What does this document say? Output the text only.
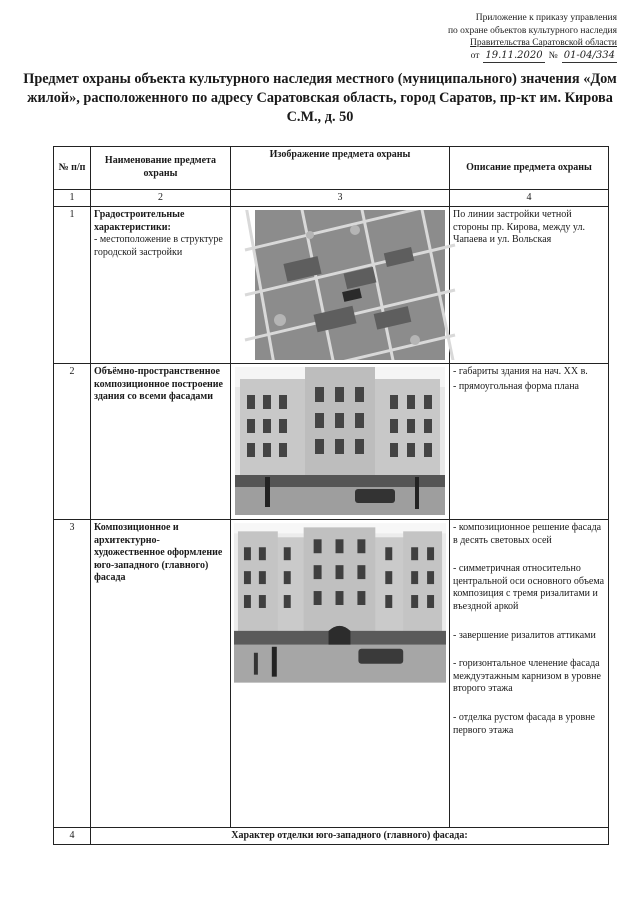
Приложение к приказу управления
по охране объектов культурного наследия
Правительства Саратовской области
от 19.11.2020 № 01-04/334
Предмет охраны объекта культурного наследия местного (муниципального) значения «Дом жилой», расположенного по адресу Саратовская область, город Саратов, пр-кт им. Кирова С.М., д. 50
№ п/п	Наименование предмета охраны	Изображение предмета охраны	Описание предмета охраны
1	2	3	4
1	Градостроительные характеристики:
- местоположение в структуре городской застройки		По линии застройки четной стороны пр. Кирова, между ул. Чапаева и ул. Вольская

2	Объёмно-пространственное композиционное построение здания со всеми фасадами		- габариты здания на нач. XX в.

- прямоугольная форма плана

3	Композиционное и архитектурно-художественное оформление юго-западного (главного) фасада		- композиционное решение фасада в десять световых осей

- симметричная относительно центральной оси основного объема композиция с тремя ризалитами и въездной аркой

- завершение ризалитов аттиками

- горизонтальное членение фасада междуэтажным карнизом в уровне второго этажа

- отделка рустом фасада в уровне первого этажа

4	Характер отделки юго-западного (главного) фасада:		
